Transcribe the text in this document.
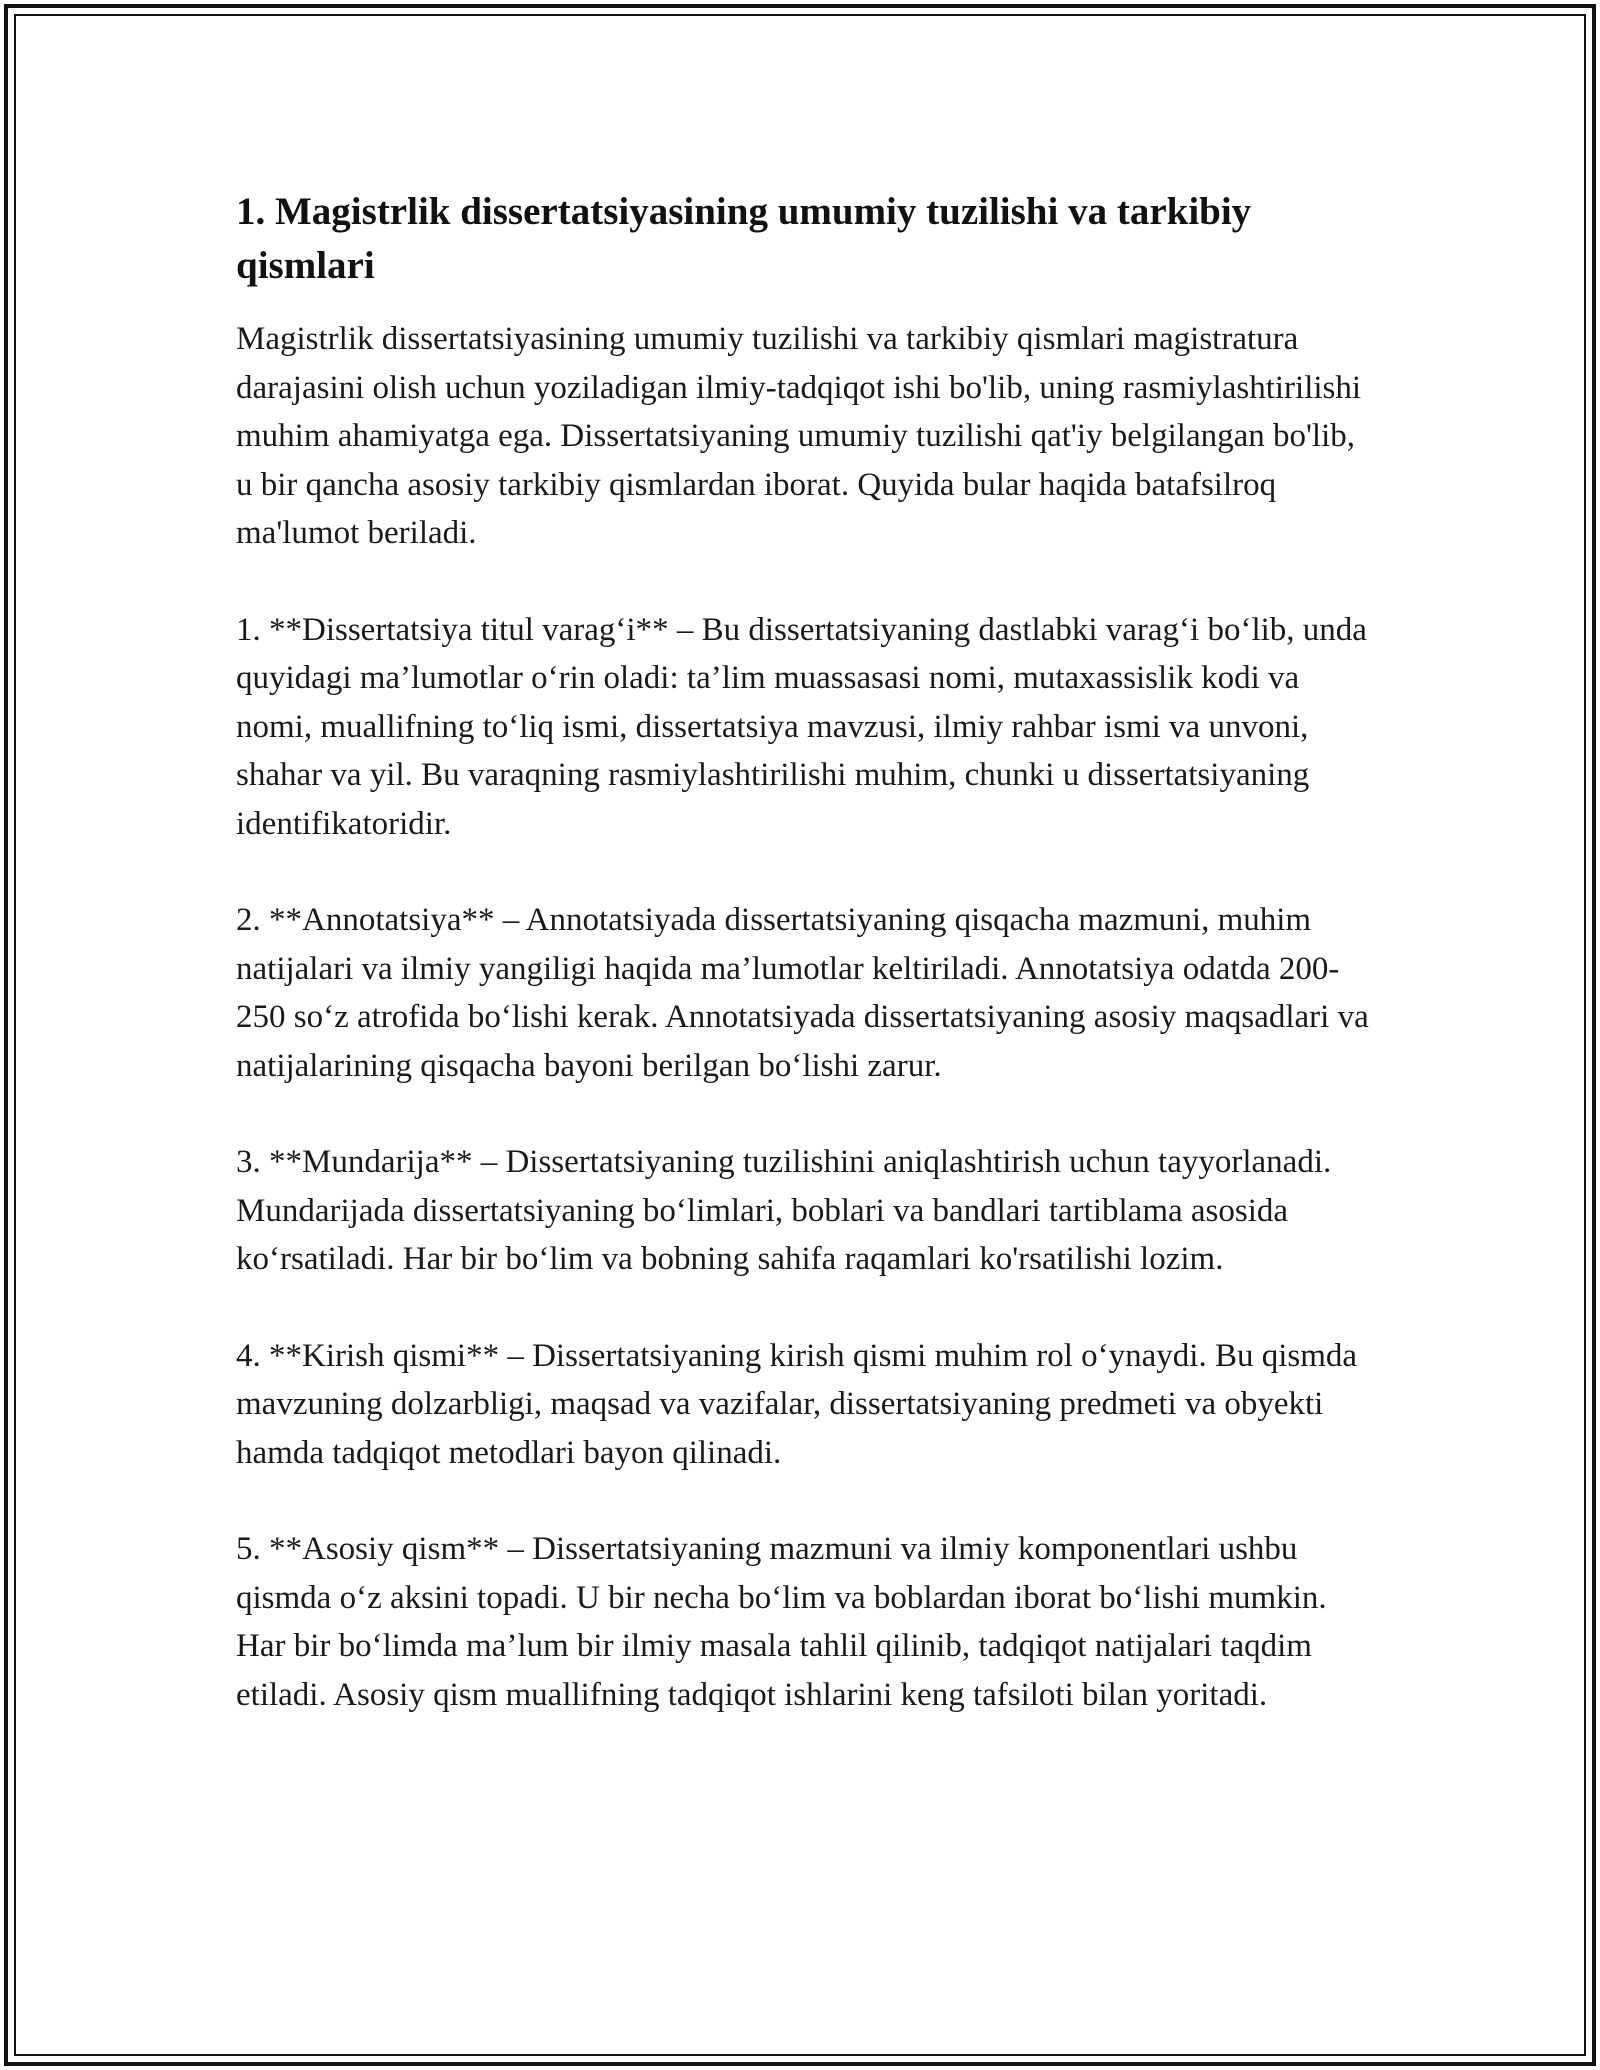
1. Magistrlik dissertatsiyasining umumiy tuzilishi va tarkibiy qismlari

Magistrlik dissertatsiyasining umumiy tuzilishi va tarkibiy qismlari magistratura darajasini olish uchun yoziladigan ilmiy-tadqiqot ishi bo'lib, uning rasmiylashtirilishi muhim ahamiyatga ega. Dissertatsiyaning umumiy tuzilishi qat'iy belgilangan bo'lib, u bir qancha asosiy tarkibiy qismlardan iborat. Quyida bular haqida batafsilroq ma'lumot beriladi.

1. **Dissertatsiya titul varag‘i** – Bu dissertatsiyaning dastlabki varag‘i bo‘lib, unda quyidagi ma’lumotlar o‘rin oladi: ta’lim muassasasi nomi, mutaxassislik kodi va nomi, muallifning to‘liq ismi, dissertatsiya mavzusi, ilmiy rahbar ismi va unvoni, shahar va yil. Bu varaqning rasmiylashtirilishi muhim, chunki u dissertatsiyaning identifikatoridir.

2. **Annotatsiya** – Annotatsiyada dissertatsiyaning qisqacha mazmuni, muhim natijalari va ilmiy yangiligi haqida ma’lumotlar keltiriladi. Annotatsiya odatda 200-250 so‘z atrofida bo‘lishi kerak. Annotatsiyada dissertatsiyaning asosiy maqsadlari va natijalarining qisqacha bayoni berilgan bo‘lishi zarur.

3. **Mundarija** – Dissertatsiyaning tuzilishini aniqlashtirish uchun tayyorlanadi. Mundarijada dissertatsiyaning bo‘limlari, boblari va bandlari tartiblama asosida ko‘rsatiladi. Har bir bo‘lim va bobning sahifa raqamlari ko'rsatilishi lozim.

4. **Kirish qismi** – Dissertatsiyaning kirish qismi muhim rol o‘ynaydi. Bu qismda mavzuning dolzarbligi, maqsad va vazifalar, dissertatsiyaning predmeti va obyekti hamda tadqiqot metodlari bayon qilinadi.

5. **Asosiy qism** – Dissertatsiyaning mazmuni va ilmiy komponentlari ushbu qismda o‘z aksini topadi. U bir necha bo‘lim va boblardan iborat bo‘lishi mumkin. Har bir bo‘limda ma’lum bir ilmiy masala tahlil qilinib, tadqiqot natijalari taqdim etiladi. Asosiy qism muallifning tadqiqot ishlarini keng tafsiloti bilan yoritadi.
